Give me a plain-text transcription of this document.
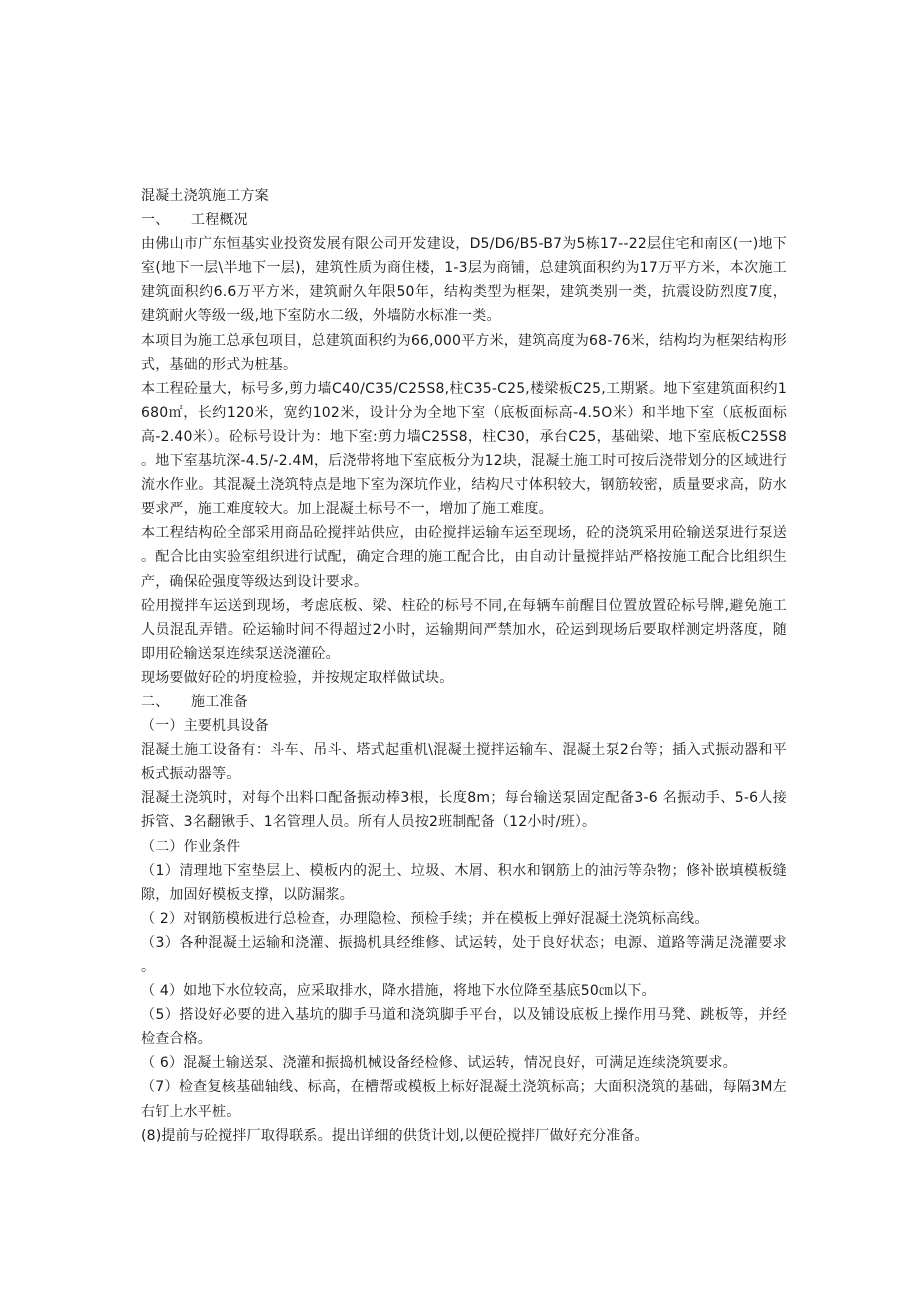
混凝土浇筑施工方案

一、 工程概况

由佛山市广东恒基实业投资发展有限公司开发建设，D5/D6/B5-B7为5栋17--22层住宅和南区(一)地下室(地下一层\半地下一层)，建筑性质为商住楼，1-3层为商铺，总建筑面积约为17万平方米，本次施工建筑面积约6.6万平方米，建筑耐久年限50年，结构类型为框架，建筑类别一类，抗震设防烈度7度，建筑耐火等级一级,地下室防水二级，外墙防水标准一类。

本项目为施工总承包项目，总建筑面积约为66,000平方米，建筑高度为68-76米，结构均为框架结构形式，基础的形式为桩基。

本工程砼量大，标号多,剪力墙C40/C35/C25S8,柱C35-C25,楼梁板C25,工期紧。地下室建筑面积约1680㎡，长约120米，宽约102米，设计分为全地下室（底板面标高-4.5O米）和半地下室（底板面标高-2.40米）。砼标号设计为：地下室:剪力墙C25S8，柱C30，承台C25，基础梁、地下室底板C25S8。地下室基坑深-4.5/-2.4M，后浇带将地下室底板分为12块，混凝土施工时可按后浇带划分的区域进行流水作业。其混凝土浇筑特点是地下室为深坑作业，结构尺寸体积较大，钢筋较密，质量要求高，防水要求严，施工难度较大。加上混凝土标号不一，增加了施工难度。

本工程结构砼全部采用商品砼搅拌站供应，由砼搅拌运输车运至现场，砼的浇筑采用砼输送泵进行泵送。配合比由实验室组织进行试配，确定合理的施工配合比，由自动计量搅拌站严格按施工配合比组织生产，确保砼强度等级达到设计要求。

砼用搅拌车运送到现场，考虑底板、梁、柱砼的标号不同,在每辆车前醒目位置放置砼标号牌,避免施工人员混乱弄错。砼运输时间不得超过2小时，运输期间严禁加水，砼运到现场后要取样测定坍落度，随即用砼输送泵连续泵送浇灌砼。

现场要做好砼的坍度检验，并按规定取样做试块。

二、 施工准备

（一）主要机具设备

混凝土施工设备有：斗车、吊斗、塔式起重机\混凝土搅拌运输车、混凝土泵2台等；插入式振动器和平板式振动器等。

混凝土浇筑时，对每个出料口配备振动棒3根，长度8m；每台输送泵固定配备3-6 名振动手、5-6人接拆管、3名翻锹手、1名管理人员。所有人员按2班制配备（12小时/班）。

（二）作业条件

（1）清理地下室垫层上、模板内的泥土、垃圾、木屑、积水和钢筋上的油污等杂物；修补嵌填模板缝隙，加固好模板支撑，以防漏浆。

（ 2）对钢筋模板进行总检查，办理隐检、预检手续；并在模板上弹好混凝土浇筑标高线。

（3）各种混凝土运输和浇灌、振捣机具经维修、试运转，处于良好状态；电源、道路等满足浇灌要求。

（ 4）如地下水位较高，应采取排水，降水措施，将地下水位降至基底50㎝以下。

（5）搭设好必要的进入基坑的脚手马道和浇筑脚手平台，以及铺设底板上操作用马凳、跳板等，并经检查合格。

（ 6）混凝土输送泵、浇灌和振捣机械设备经检修、试运转，情况良好，可满足连续浇筑要求。

（7）检查复核基础轴线、标高，在槽帮或模板上标好混凝土浇筑标高；大面积浇筑的基础，每隔3M左右钉上水平桩。

(8)提前与砼搅拌厂取得联系。提出详细的供货计划,以便砼搅拌厂做好充分准备。
